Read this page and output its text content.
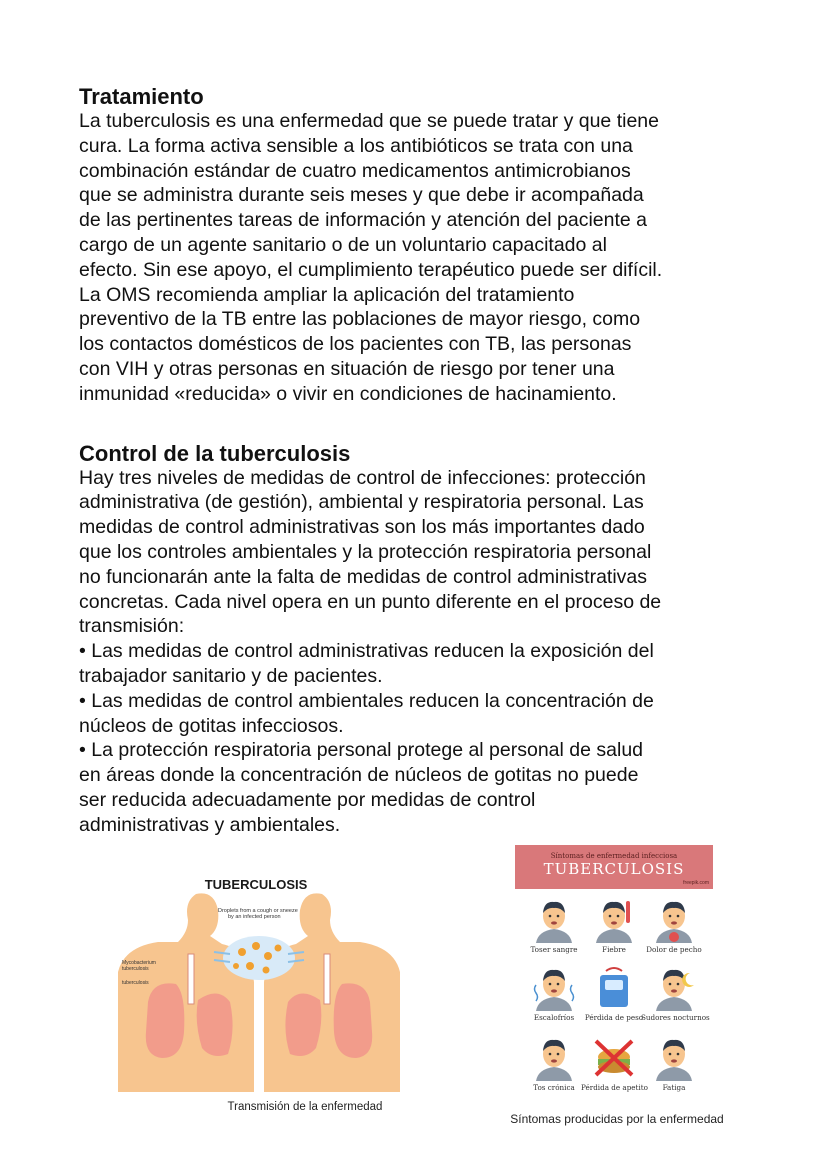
Tratamiento

La tuberculosis es una enfermedad que se puede tratar y que tiene
cura. La forma activa sensible a los antibióticos se trata con una
combinación estándar de cuatro medicamentos antimicrobianos
que se administra durante seis meses y que debe ir acompañada
de las pertinentes tareas de información y atención del paciente a
cargo de un agente sanitario o de un voluntario capacitado al
efecto. Sin ese apoyo, el cumplimiento terapéutico puede ser difícil.
La OMS recomienda ampliar la aplicación del tratamiento
preventivo de la TB entre las poblaciones de mayor riesgo, como
los contactos domésticos de los pacientes con TB, las personas
con VIH y otras personas en situación de riesgo por tener una
inmunidad «reducida» o vivir en condiciones de hacinamiento.

Control de la tuberculosis

Hay tres niveles de medidas de control de infecciones: protección
administrativa (de gestión), ambiental y respiratoria personal. Las
medidas de control administrativas son los más importantes dado
que los controles ambientales y la protección respiratoria personal
no funcionarán ante la falta de medidas de control administrativas
concretas. Cada nivel opera en un punto diferente en el proceso de
transmisión:
• Las medidas de control administrativas reducen la exposición del
trabajador sanitario y de pacientes.
• Las medidas de control ambientales reducen la concentración de
núcleos de gotitas infecciosos.
• La protección respiratoria personal protege al personal de salud
en áreas donde la concentración de núcleos de gotitas no puede
ser reducida adecuadamente por medidas de control
administrativas y ambientales.

TUBERCULOSIS
Droplets from a cough or sneeze
by an infected person
Mycobacterium
tuberculosis
tuberculosis
Transmisión de la enfermedad
Síntomas de enfermedad infecciosa
TUBERCULOSIS
freepik.com
Toser sangre	Fiebre	Dolor de pecho
Escalofríos	Pérdida de peso
Sudores nocturnos
Tos crónica Pérdida de apetito	Fatiga
Síntomas producidas por la enfermedad
